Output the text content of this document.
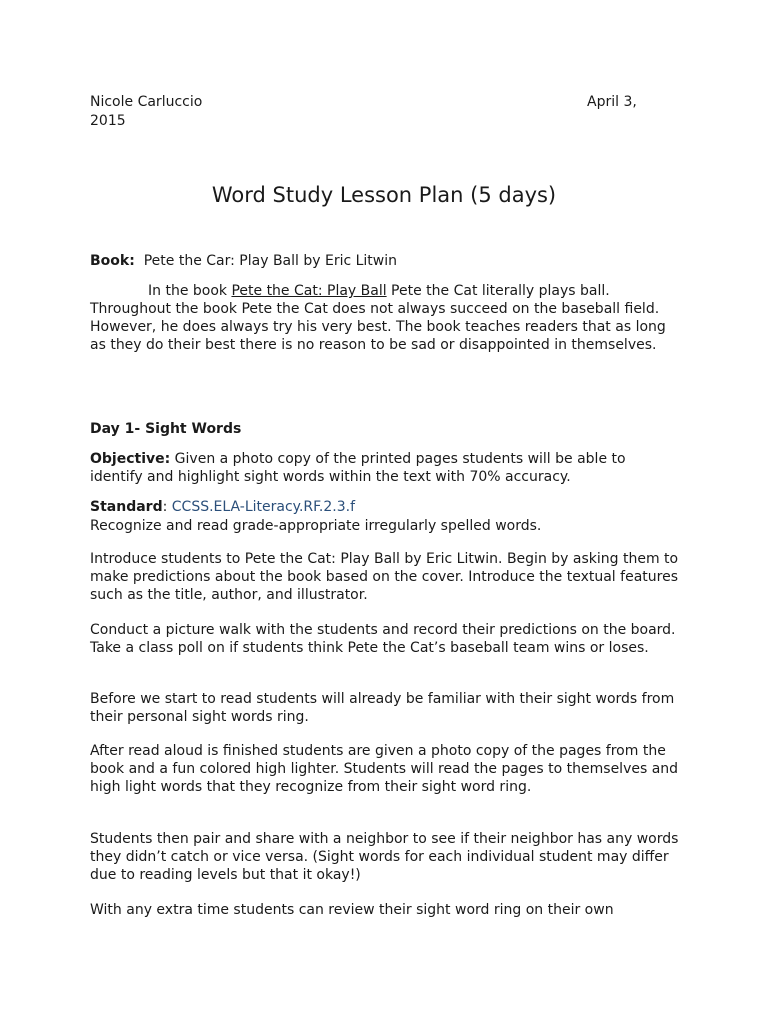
Nicole Carluccio	April 3,
2015
Word Study Lesson Plan (5 days)

Book: Pete the Car: Play Ball by Eric Litwin

In the book Pete the Cat: Play Ball Pete the Cat literally plays ball. Throughout the book Pete the Cat does not always succeed on the baseball field. However, he does always try his very best. The book teaches readers that as long as they do their best there is no reason to be sad or disappointed in themselves.

Day 1- Sight Words

Objective: Given a photo copy of the printed pages students will be able to identify and highlight sight words within the text with 70% accuracy.

Standard: CCSS.ELA-Literacy.RF.2.3.f

Recognize and read grade-appropriate irregularly spelled words.

Introduce students to Pete the Cat: Play Ball by Eric Litwin. Begin by asking them to make predictions about the book based on the cover. Introduce the textual features such as the title, author, and illustrator.

Conduct a picture walk with the students and record their predictions on the board. Take a class poll on if students think Pete the Cat’s baseball team wins or loses.

Before we start to read students will already be familiar with their sight words from their personal sight words ring.

After read aloud is finished students are given a photo copy of the pages from the book and a fun colored high lighter. Students will read the pages to themselves and high light words that they recognize from their sight word ring.

Students then pair and share with a neighbor to see if their neighbor has any words they didn’t catch or vice versa. (Sight words for each individual student may differ due to reading levels but that it okay!)

With any extra time students can review their sight word ring on their own
